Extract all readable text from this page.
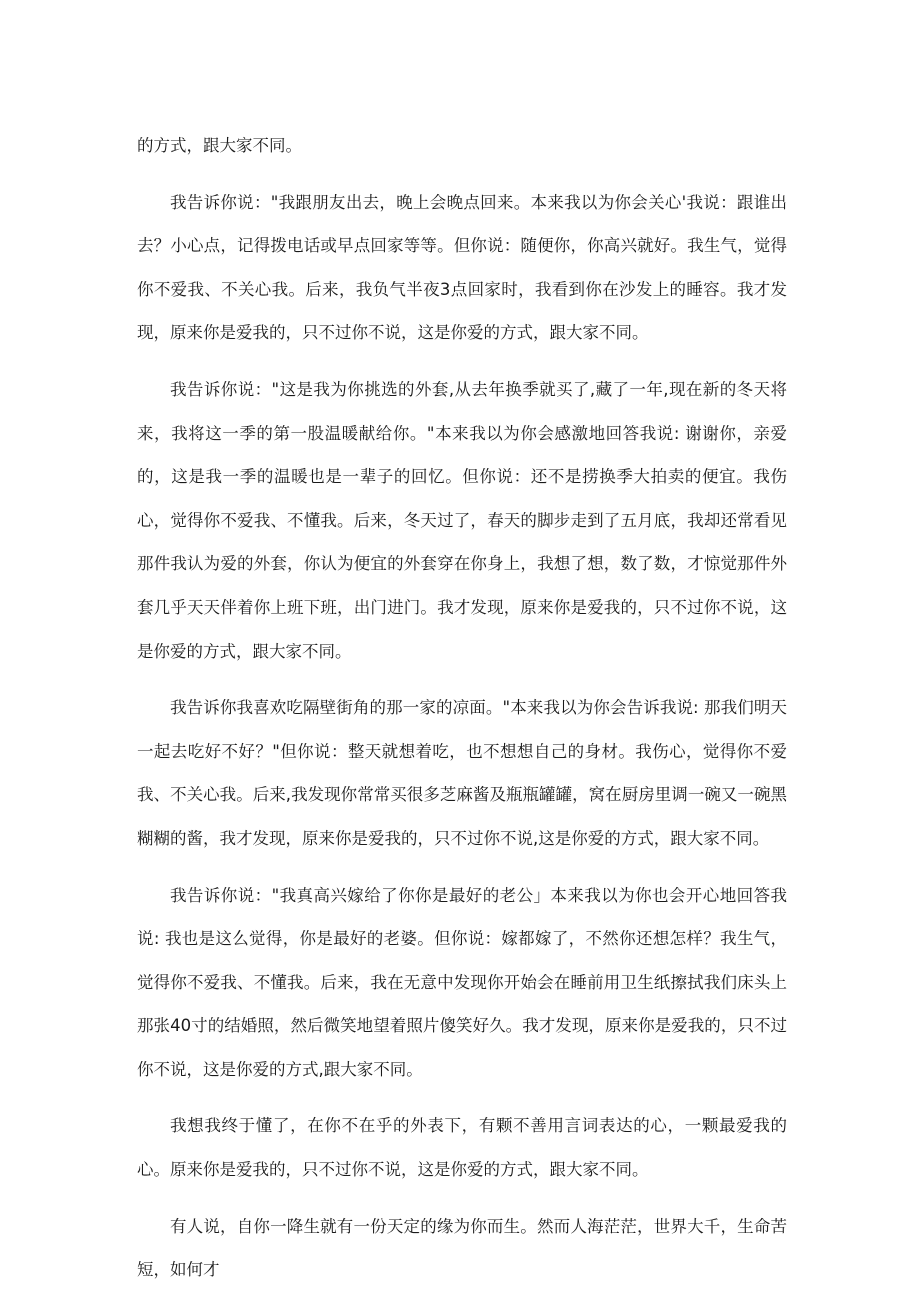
的方式，跟大家不同。

我告诉你说："我跟朋友出去，晚上会晚点回来。本来我以为你会关心'我说：跟谁出去？小心点，记得拨电话或早点回家等等。但你说：随便你，你高兴就好。我生气，觉得你不爱我、不关心我。后来，我负气半夜3点回家时，我看到你在沙发上的睡容。我才发现，原来你是爱我的，只不过你不说，这是你爱的方式，跟大家不同。

我告诉你说："这是我为你挑选的外套,从去年换季就买了,藏了一年,现在新的冬天将来，我将这一季的第一股温暖献给你。"本来我以为你会感激地回答我说: 谢谢你，亲爱的，这是我一季的温暖也是一辈子的回忆。但你说：还不是捞换季大拍卖的便宜。我伤心，觉得你不爱我、不懂我。后来，冬天过了，春天的脚步走到了五月底，我却还常看见那件我认为爱的外套，你认为便宜的外套穿在你身上，我想了想，数了数，才惊觉那件外套几乎天天伴着你上班下班，出门进门。我才发现，原来你是爱我的，只不过你不说，这是你爱的方式，跟大家不同。

我告诉你我喜欢吃隔壁街角的那一家的凉面。"本来我以为你会告诉我说: 那我们明天一起去吃好不好？"但你说：整天就想着吃，也不想想自己的身材。我伤心，觉得你不爱我、不关心我。后来,我发现你常常买很多芝麻酱及瓶瓶罐罐，窝在厨房里调一碗又一碗黑糊糊的酱，我才发现，原来你是爱我的，只不过你不说,这是你爱的方式，跟大家不同。

我告诉你说："我真高兴嫁给了你你是最好的老公」本来我以为你也会开心地回答我说: 我也是这么觉得，你是最好的老婆。但你说：嫁都嫁了，不然你还想怎样？我生气，觉得你不爱我、不懂我。后来，我在无意中发现你开始会在睡前用卫生纸擦拭我们床头上那张40寸的结婚照，然后微笑地望着照片傻笑好久。我才发现，原来你是爱我的，只不过你不说，这是你爱的方式,跟大家不同。

我想我终于懂了，在你不在乎的外表下，有颗不善用言词表达的心，一颗最爱我的心。原来你是爱我的，只不过你不说，这是你爱的方式，跟大家不同。

有人说，自你一降生就有一份天定的缘为你而生。然而人海茫茫，世界大千，生命苦短，如何才
